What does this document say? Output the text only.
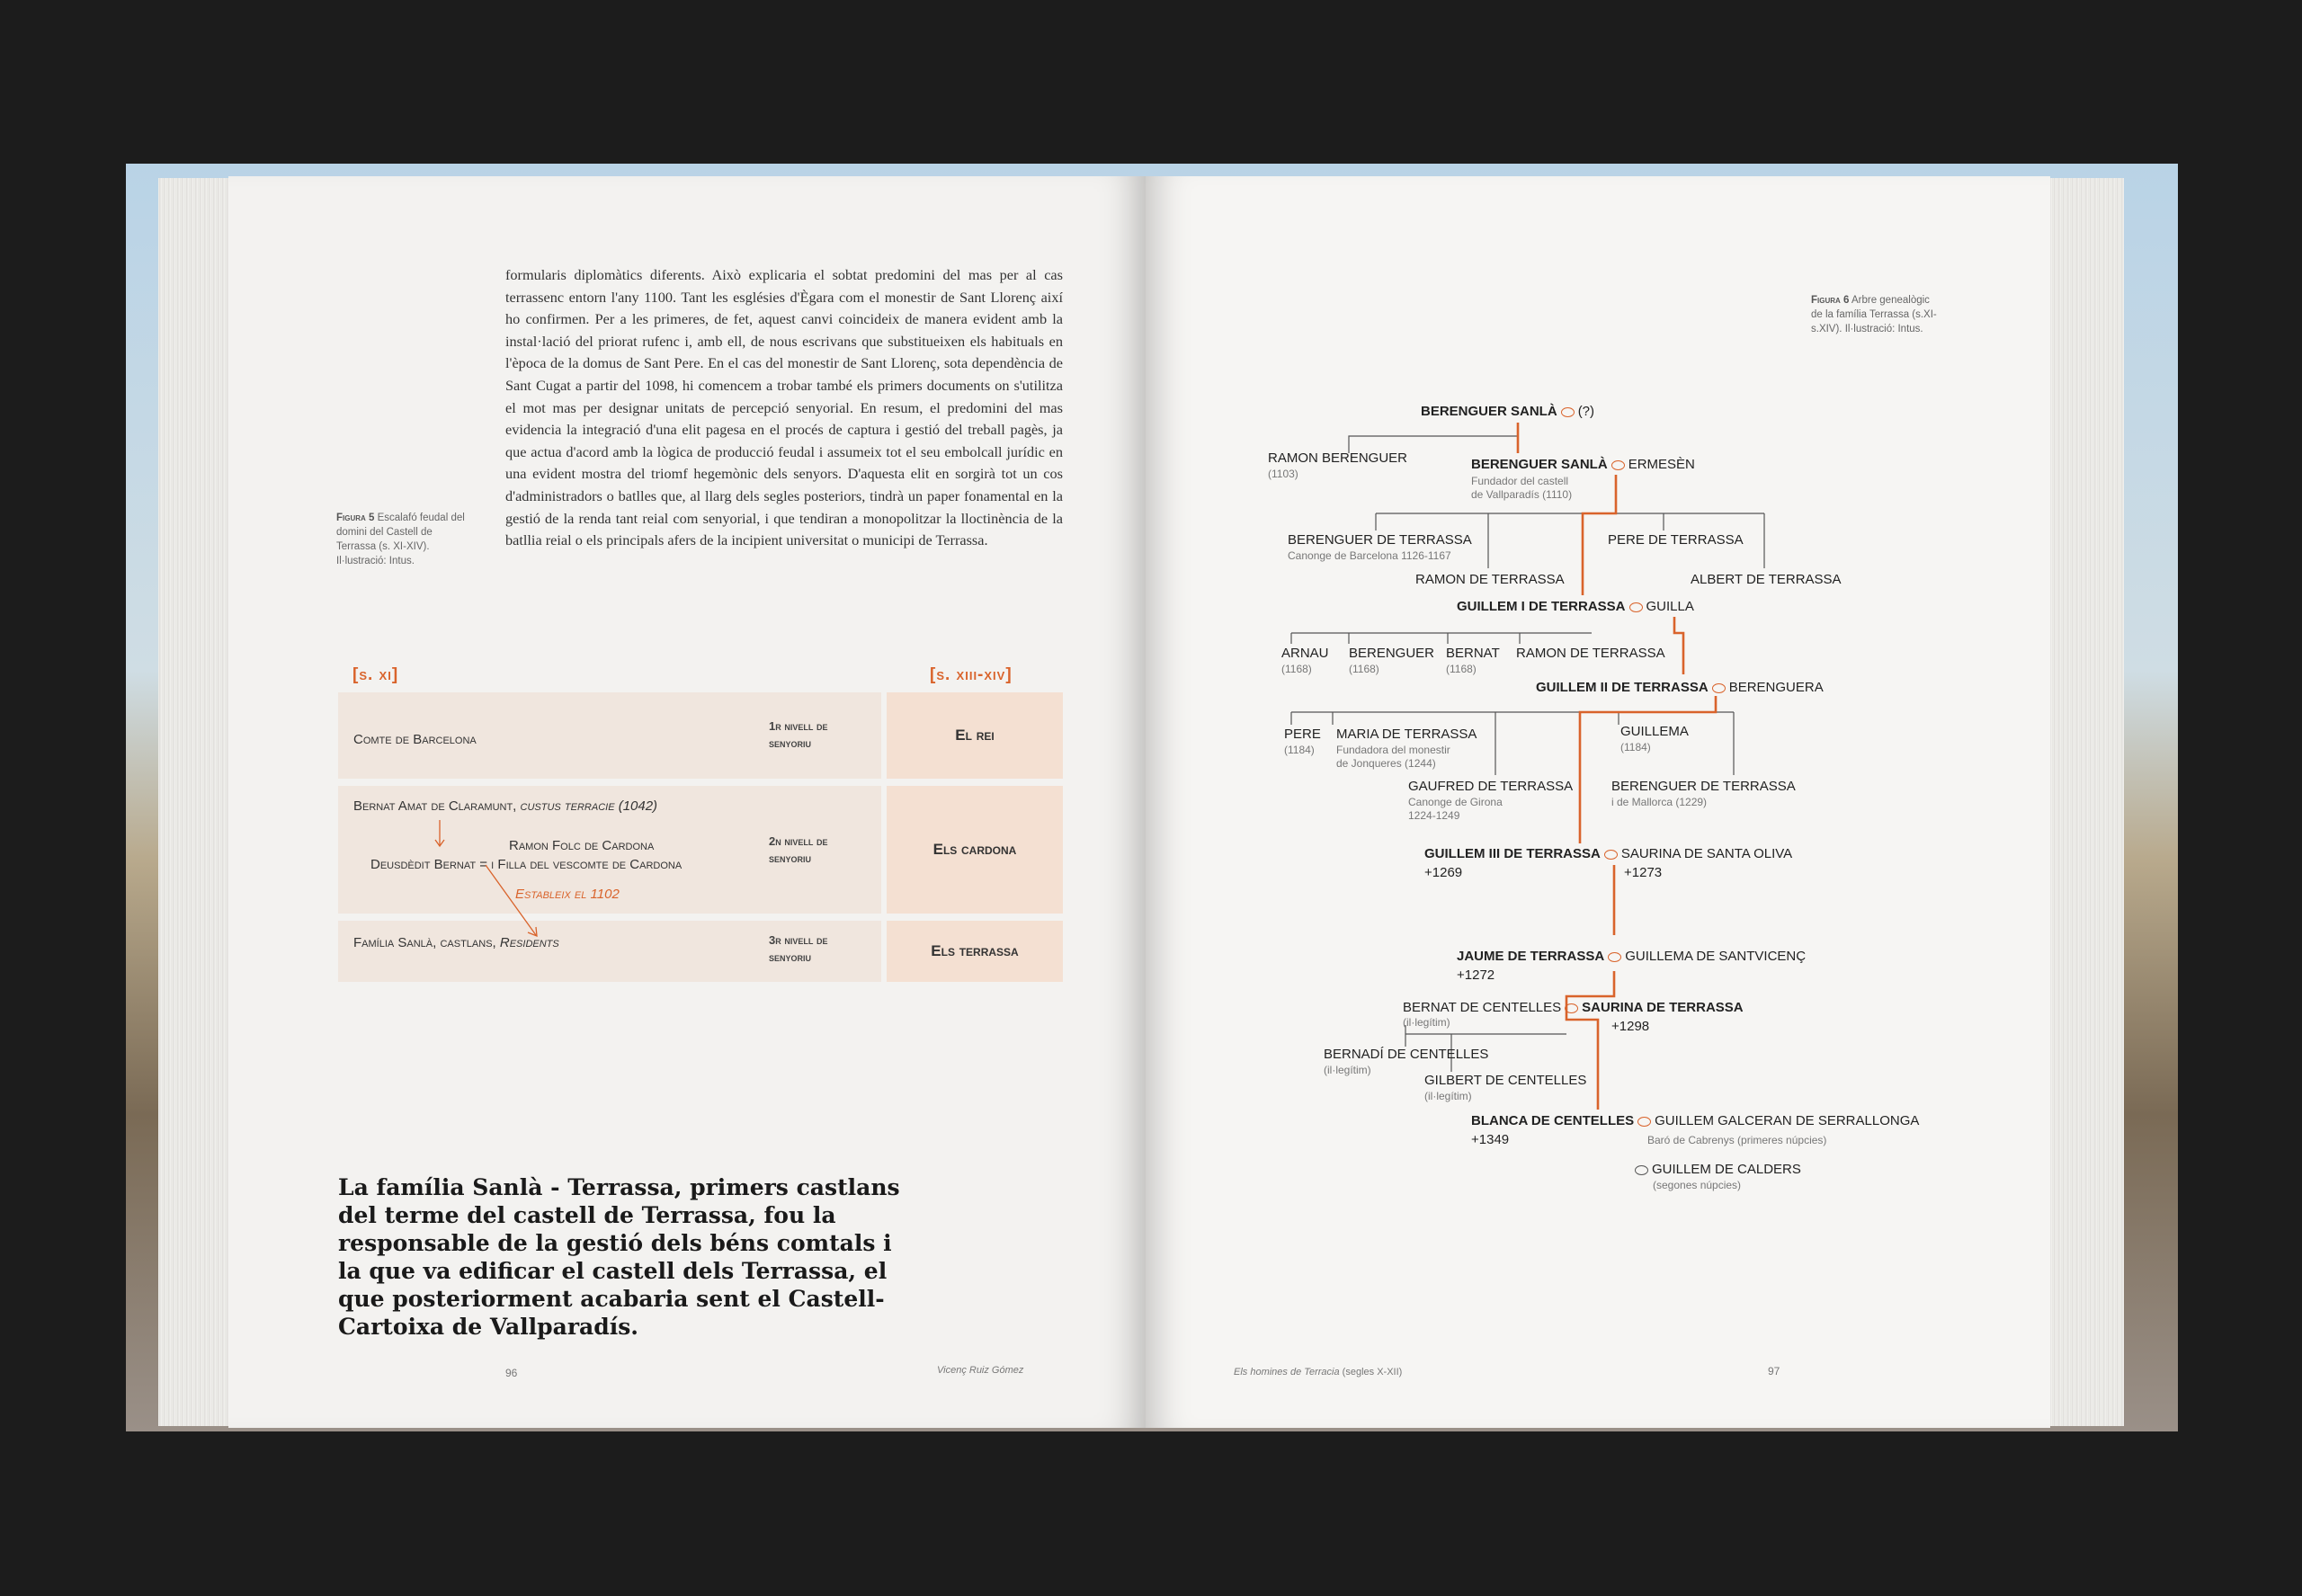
formularis diplomàtics diferents. Això explicaria el sobtat predomini del mas per al cas terrassenc entorn l'any 1100. Tant les esglésies d'Ègara com el monestir de Sant Llorenç així ho confirmen. Per a les primeres, de fet, aquest canvi coincideix de manera evident amb la instal·lació del priorat rufenc i, amb ell, de nous escrivans que substitueixen els habituals en l'època de la domus de Sant Pere. En el cas del monestir de Sant Llorenç, sota dependència de Sant Cugat a partir del 1098, hi comencem a trobar també els primers documents on s'utilitza el mot mas per designar unitats de percepció senyorial. En resum, el predomini del mas evidencia la integració d'una elit pagesa en el procés de captura i gestió del treball pagès, ja que actua d'acord amb la lògica de producció feudal i assumeix tot el seu embolcall jurídic en una evident mostra del triomf hegemònic dels senyors. D'aquesta elit en sorgirà tot un cos d'administradors o batlles que, al llarg dels segles posteriors, tindrà un paper fonamental en la gestió de la renda tant reial com senyorial, i que tendiran a monopolitzar la lloctinència de la batllia reial o els principals afers de la incipient universitat o municipi de Terrassa.
Figura 5 Escalafó feudal del domini del Castell de Terrassa (s. XI-XIV). Il·lustració: Intus.
[s. xi]	[s. xiii-xiv]
El rei
Comte de Barcelona
1r nivell de senyoriu
Els cardona
Bernat Amat de Claramunt, custus terracie (1042)
Ramon Folc de Cardona
Deusdèdit Bernat = i Filla del vescomte de Cardona
Estableix el 1102
2n nivell de senyoriu
Els terrassa
Família Sanlà, castlans, Residents	3r nivell de senyoriu
La família Sanlà - Terrassa, primers castlans del terme del castell de Terrassa, fou la responsable de la gestió dels béns comtals i la que va edificar el castell dels Terrassa, el que posteriorment acabaria sent el Castell-Cartoixa de Vallparadís.
96	Vicenç Ruiz Gómez
Figura 6 Arbre genealògic de la família Terrassa (s.XI-s.XIV). Il·lustració: Intus.
BERENGUER SANLÀ (?)
RAMON BERENGUER
(1103)
BERENGUER SANLÀ ERMESÈN
Fundador del castell
de Vallparadís (1110)
BERENGUER DE TERRASSA
Canonge de Barcelona 1126-1167
PERE DE TERRASSA
RAMON DE TERRASSA	ALBERT DE TERRASSA
GUILLEM I DE TERRASSA GUILLA
ARNAU
(1168)
BERENGUER
(1168)
BERNAT
(1168)
RAMON DE TERRASSA
GUILLEM II DE TERRASSA BERENGUERA
PERE
(1184)
MARIA DE TERRASSA
Fundadora del monestir
de Jonqueres (1244)
GUILLEMA
(1184)
GAUFRED DE TERRASSA
Canonge de Girona
1224-1249
BERENGUER DE TERRASSA
i de Mallorca (1229)
GUILLEM III DE TERRASSA SAURINA DE SANTA OLIVA
+1269	+1273
JAUME DE TERRASSA GUILLEMA DE SANTVICENÇ
+1272
BERNAT DE CENTELLES SAURINA DE TERRASSA
(il·legítim)	+1298
BERNADÍ DE CENTELLES
(il·legítim)
GILBERT DE CENTELLES
(il·legítim)
BLANCA DE CENTELLES GUILLEM GALCERAN DE SERRALLONGA
+1349	Baró de Cabrenys (primeres núpcies)
GUILLEM DE CALDERS
(segones núpcies)
Els homines de Terracia (segles X-XII)	97
